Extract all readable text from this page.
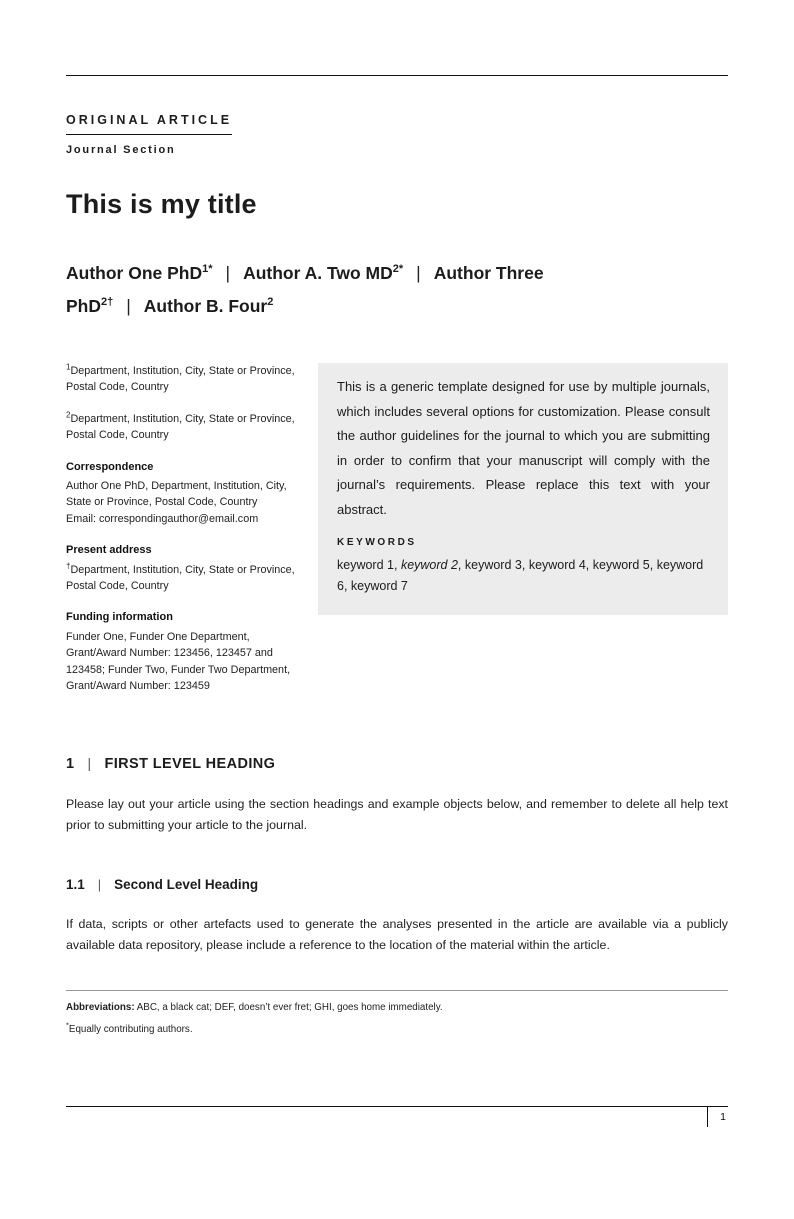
ORIGINAL ARTICLE
Journal Section
This is my title
Author One PhD$^{1*}$ | Author A. Two $MD^{2*}$ | Author Three PhD$^{2\dagger}$ | Author B. Four$^2$
$^1$Department, Institution, City, State or Province, Postal Code, Country
$^2$Department, Institution, City, State or Province, Postal Code, Country
Correspondence
Author One PhD, Department, Institution, City, State or Province, Postal Code, Country
Email: correspondingauthor@email.com
Present address
†Department, Institution, City, State or Province, Postal Code, Country
Funding information
Funder One, Funder One Department, Grant/Award Number: 123456, 123457 and 123458; Funder Two, Funder Two Department, Grant/Award Number: 123459
This is a generic template designed for use by multiple journals, which includes several options for customization. Please consult the author guidelines for the journal to which you are submitting in order to confirm that your manuscript will comply with the journal’s requirements. Please replace this text with your abstract.
KEYWORDS
keyword 1, keyword 2, keyword 3, keyword 4, keyword 5, keyword 6, keyword 7
1 | FIRST LEVEL HEADING

Please lay out your article using the section headings and example objects below, and remember to delete all help text prior to submitting your article to the journal.

1.1 | Second Level Heading

If data, scripts or other artefacts used to generate the analyses presented in the article are available via a publicly available data repository, please include a reference to the location of the material within the article.

Abbreviations: ABC, a black cat; DEF, doesn’t ever fret; GHI, goes home immediately.

*Equally contributing authors.

1
